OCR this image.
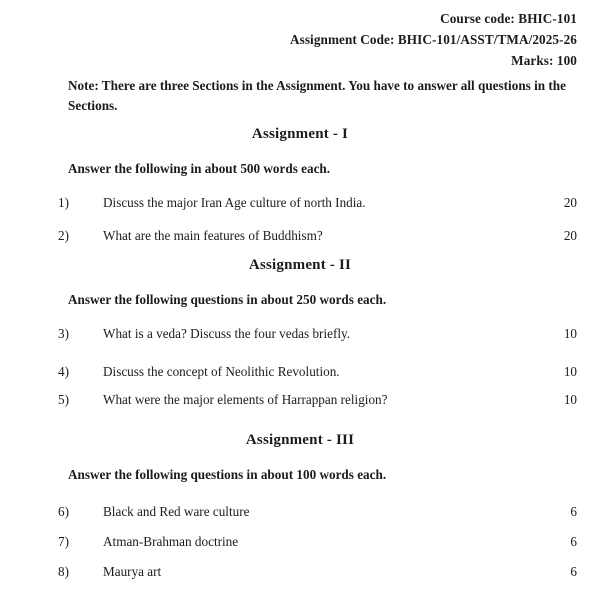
Course code: BHIC-101
Assignment Code: BHIC-101/ASST/TMA/2025-26
Marks: 100
Note: There are three Sections in the Assignment. You have to answer all questions in the Sections.
Assignment - I
Answer the following in about 500 words each.
1)	Discuss the major Iran Age culture of north India.	20
2)	What are the main features of Buddhism?	20
Assignment - II
Answer the following questions in about 250 words each.
3)	What is a veda? Discuss the four vedas briefly.	10
4)	Discuss the concept of Neolithic Revolution.	10
5)	What were the major elements of Harrappan religion?	10
Assignment - III
Answer the following questions in about 100 words each.
6)	Black and Red ware culture	6
7)	Atman-Brahman doctrine	6
8)	Maurya art	6
